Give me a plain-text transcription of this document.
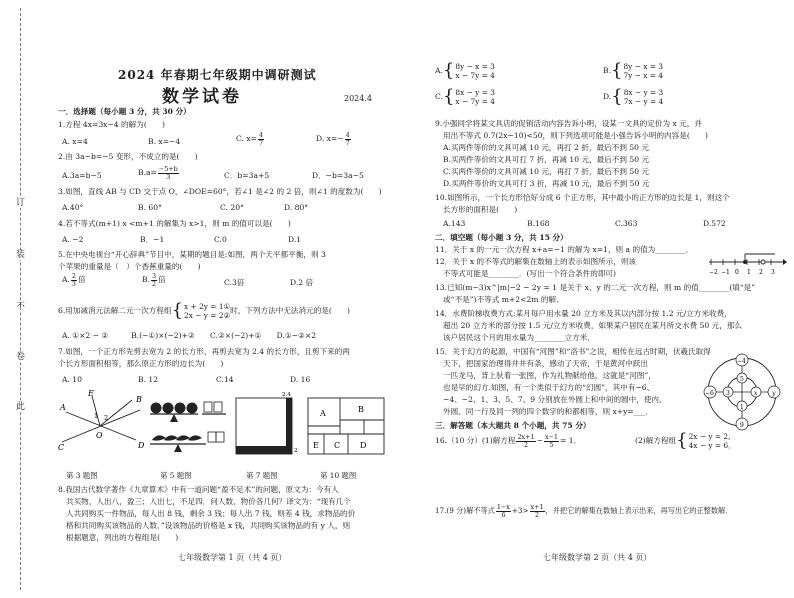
订
装
不
卷
此
2024 年春期七年级期中调研测试
数学试卷	2024.4
一．选择题（每小题 3 分，共 30 分）
1.方程 4x=3x−4 的解为(　　)
A. x=4	B. x=−4	C. $x= \frac{4}{7}$	D. $x=- \frac{4}{7}$
2.由 3a−b=−5 变形，不成立的是(　　)
A.3a=b−5	$B.a= \frac{-5+b}{3}$	C．b=3a+5	D．−b=3a−5
3.如图，直线 AB 与 CD 交于点 O，∠DOE=60°，若∠1 是∠2 的 2 倍，则∠1 的度数为(　　)
A.40°	B. 60°	C. 20°	D. 80°
4.若不等式(m+1) x <m+1 的解集为 x>1，则 m 的值可以是(　　)
A. −2	B．−1	C.0	D.1
5.在中央电视台“开心辞典”节目中，某期的题目是:如图，两个天平都平衡，则 3
个苹果的重量是（　）个香蕉重量的(　　)
A. $\frac{2}{3}$ 倍	B. $\frac{3}{2}$ 倍	C.3倍	D.2 倍
6.用加减消元法解二元一次方程组{ x + 2y = 1①
2x − y = 2②
时，下列方法中无法消元的是(　　)
A. ①×2 − ②　　　B.(−①)×(−2)+②　　C.②×(−2)+①　　D.①−②×2
7.如图，一个正方形先剪去宽为 2 的长方形，再剪去宽为 2.4 的长方形，且剪下来的两
个长方形面积相等，那么原正方形的边长为(　　)
A. 10	B. 12	C.14	D. 16
A
E
B
C
O
D
1 2
2.4
2
A	B
C D
E
第 3 题图	第 5 题图	第 7 题图	第 10 题图
8.我国古代数学著作《九章算术》中有一道问题“盈不足术”的问题，原文为：今有人
共买物，人出八，盈三；人出七，不足四．问人数、物价各几何？译文为：“现有几个
人共同购买一件物品，每人出 8 钱，剩余 3 钱；每人出 7 钱，则差 4 钱，求物品的价
格和共同购买该物品的人数．”设该物品的价格是 x 钱，共同购买该物品的有 y 人，则
根据题意，列出的方程组是(　　)
七年级数学第 1 页（共 4 页）
A.{ 8y − x = 3
x − 7y = 4
B.{ 8y − x = 3
7y − x = 4
C.{ 8x − y = 3
x − 7y = 4
D.{ 8x − y = 3
7x − y = 4
9.小强同学将某文具店的促销活动内容告诉小明，设某一文具的定价为 x 元，并
用出不等式 0.7(2x−10)<50，则下列选项可能是小强告诉小明的内容是(　　)
A.买两件等价的文具可减 10 元，再打 2 折，最后不到 50 元
B.买两件等价的文具可打 7 折，再减 10 元，最后不到 50 元
C.买两件等价的文具可减 10 元，再打 7 折，最后不到 50 元
D.买两件等价的文具可打 3 折，再减 10 元，最后不到 50 元
10.如图所示，一个长方形恰好分成 6 个正方形，其中最小的正方形的边长是 1，则这个
长方形的面积是(　　)
A.143	B.168	C.363	D.572
二．填空题（每小题 3 分，共 15 分）
11．关于 x 的一元一次方程 x+a=−1 的解为 x=1，则 a 的值为________．
12．关于 x 的不等式的解集在数轴上的表示如图所示，则该
不等式可能是________．(写出一个符合条件的即可)
13.已知(m−3)x^|m|−2 − 2y = 1 是关于 x、y 的二元一次方程，则 m 的值________(填“是”
或“不是”)不等式 m+2<2m 的解．
14．水费阶梯收费方式:某月每户用水量 20 立方米及其以内部分按 1.2 元/立方米收费，
超出 20 立方米的部分按 1.5 元/立方米收费，如果某户居民在某月所交水费 50 元，那么
该户居民这个月的用水量为________立方米．
15．关于幻方的起源，中国有“河图”和“洛书”之说，相传在远古时期，伏羲氏取得
天下，把国家治理得井井有条，感动了天帝，于是黄河中跃出
一匹龙马，背上驮着一张图，作为礼物献给他，这就是“河图”，
也是早的幻方.如图，有一个类似于幻方的“幻圆”，其中有−6、
−4、−2、1、3、5、7、9 分别放在外圆上和中间的圆中，使内、
外圆、同一行及同一列的四个数字的和都相等，则 x+y=___．
三．解答题（本大题共 8 个小题，共 75 分）
16.（10 分）(1)解方程 $\frac{2x+1}{2} - \frac{x-1}{5} = 1$．	(2)解方程组{ 2x − y = 2,
4x − y = 6．
17.(9 分)解不等式 $\frac{1-x}{6} +3> \frac{x+1}{2}$ ，并把它的解集在数轴上表示出来，再写出它的正整数解．
−2 −1 0 1 2 3
−4
5
−6 3	x y
1
9
七年级数学第 2 页（共 4 页）
